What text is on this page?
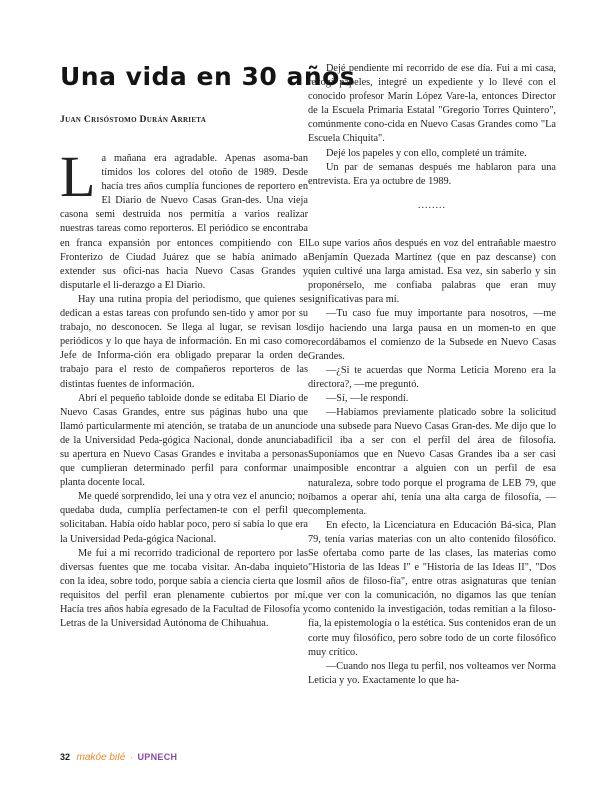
Una vida en 30 años
Juan Crisóstomo Durán Arrieta

La mañana era agradable. Apenas asoma-ban tímidos los colores del otoño de 1989. Desde hacía tres años cumplía funciones de reportero en El Diario de Nuevo Casas Gran-des. Una vieja casona semi destruida nos permitía a varios realizar nuestras tareas como reporteros. El periódico se encontraba en franca expansión por entonces compitiendo con El Fronterizo de Ciudad Juárez que se había animado a extender sus ofici-nas hacia Nuevo Casas Grandes y disputarle el li-derazgo a El Diario.

Hay una rutina propia del periodismo, que quienes se dedican a estas tareas con profundo sen-tido y amor por su trabajo, no desconocen. Se llega al lugar, se revisan los periódicos y lo que haya de información. En mi caso como Jefe de Informa-ción era obligado preparar la orden de trabajo para el resto de compañeros reporteros de las distintas fuentes de información.

Abrí el pequeño tabloide donde se editaba El Diario de Nuevo Casas Grandes, entre sus páginas hubo una que llamó particularmente mi atención, se trataba de un anuncio de la Universidad Peda-gógica Nacional, donde anunciaba su apertura en Nuevo Casas Grandes e invitaba a personas que cumplieran determinado perfil para conformar una planta docente local.

Me quedé sorprendido, leí una y otra vez el anuncio; no quedaba duda, cumplía perfectamen-te con el perfil que solicitaban. Había oído hablar poco, pero sí sabía lo que era la Universidad Peda-gógica Nacional.

Me fui a mi recorrido tradicional de reportero por las diversas fuentes que me tocaba visitar. An-daba inquieto con la idea, sobre todo, porque sabía a ciencia cierta que los requisitos del perfil eran plenamente cubiertos por mí. Hacía tres años había egresado de la Facultad de Filosofía y Letras de la Universidad Autónoma de Chihuahua.

Dejé pendiente mi recorrido de ese día. Fui a mi casa, recogí papeles, integré un expediente y lo llevé con el conocido profesor Marín López Vare-la, entonces Director de la Escuela Primaria Estatal "Gregorio Torres Quintero", comúnmente cono-cida en Nuevo Casas Grandes como "La Escuela Chiquita".

Dejé los papeles y con ello, completé un trámite.

Un par de semanas después me hablaron para una entrevista. Era ya octubre de 1989.

........

Lo supe varios años después en voz del entrañable maestro Benjamín Quezada Martínez (que en paz descanse) con quien cultivé una larga amistad. Esa vez, sin saberlo y sin proponérselo, me confiaba palabras que eran muy significativas para mí.

—Tu caso fue muy importante para nosotros, —me dijo haciendo una larga pausa en un momen-to en que recordábamos el comienzo de la Subsede en Nuevo Casas Grandes.

—¿Si te acuerdas que Norma Leticia Moreno era la directora?, —me preguntó.

—Sí, —le respondí.

—Habíamos previamente platicado sobre la solicitud de una subsede para Nuevo Casas Gran-des. Me dijo que lo difícil iba a ser con el perfil del área de filosofía. Suponíamos que en Nuevo Casas Grandes iba a ser casi imposible encontrar a alguien con un perfil de esa naturaleza, sobre todo porque el programa de LEB 79, que íbamos a operar ahí, tenía una alta carga de filosofía, —complementa.

En efecto, la Licenciatura en Educación Bá-sica, Plan 79, tenía varias materias con un alto contenido filosófico. Se ofertaba como parte de las clases, las materias como "Historia de las Ideas I" e "Historia de las Ideas II", "Dos mil años de filoso-fía", entre otras asignaturas que tenían que ver con la comunicación, no digamos las que tenían como contenido la investigación, todas remitían a la filoso-fía, la epistemología o la estética. Sus contenidos eran de un corte muy filosófico, pero sobre todo de un corte filosófico muy crítico.

—Cuando nos llega tu perfil, nos volteamos ver Norma Leticia y yo. Exactamente lo que ha-

32 makóe biIé · UPNECH
